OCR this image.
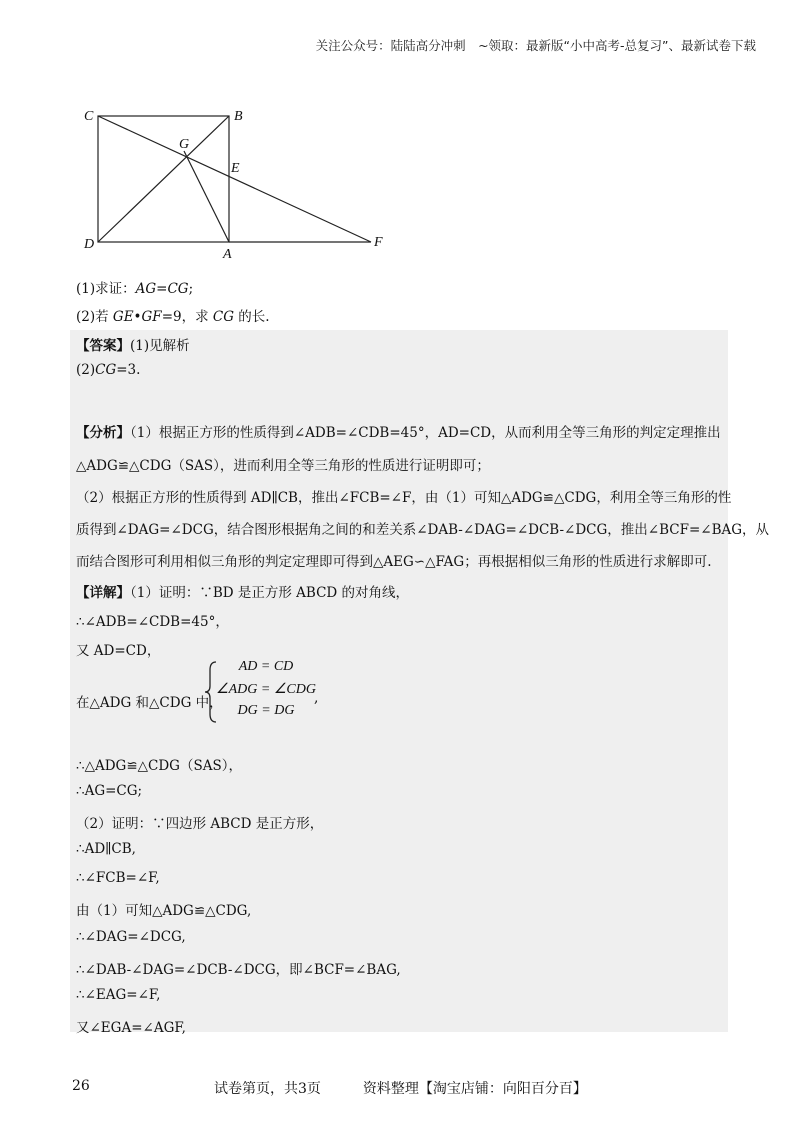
关注公众号：陆陆高分冲刺　~领取：最新版“小中高考-总复习”、最新试卷下载
C	B
G
E
D
A
F
(1)求证：AG=CG;
(2)若 GE•GF=9，求 CG 的长.
【答案】(1)见解析
(2)CG=3.
【分析】（1）根据正方形的性质得到∠ADB=∠CDB=45°，AD=CD，从而利用全等三角形的判定定理推出
△ADG≌△CDG（SAS），进而利用全等三角形的性质进行证明即可；
（2）根据正方形的性质得到 AD∥CB，推出∠FCB=∠F，由（1）可知△ADG≌△CDG，利用全等三角形的性
质得到∠DAG=∠DCG，结合图形根据角之间的和差关系∠DAB-∠DAG=∠DCB-∠DCG，推出∠BCF=∠BAG，从
而结合图形可利用相似三角形的判定定理即可得到△AEG∽△FAG；再根据相似三角形的性质进行求解即可.
【详解】（1）证明：∵BD 是正方形 ABCD 的对角线，
∴∠ADB=∠CDB=45°，
又 AD=CD，
在△ADG 和△CDG 中，
AD = CD
∠ADG = ∠CDG
DG = DG
,
∴△ADG≌△CDG（SAS），
∴AG=CG;
（2）证明：∵四边形 ABCD 是正方形，
∴AD∥CB,
∴∠FCB=∠F,
由（1）可知△ADG≌△CDG,
∴∠DAG=∠DCG,
∴∠DAB-∠DAG=∠DCB-∠DCG，即∠BCF=∠BAG,
∴∠EAG=∠F,
又∠EGA=∠AGF,
26	试卷第页，共3页　　　资料整理【淘宝店铺：向阳百分百】
